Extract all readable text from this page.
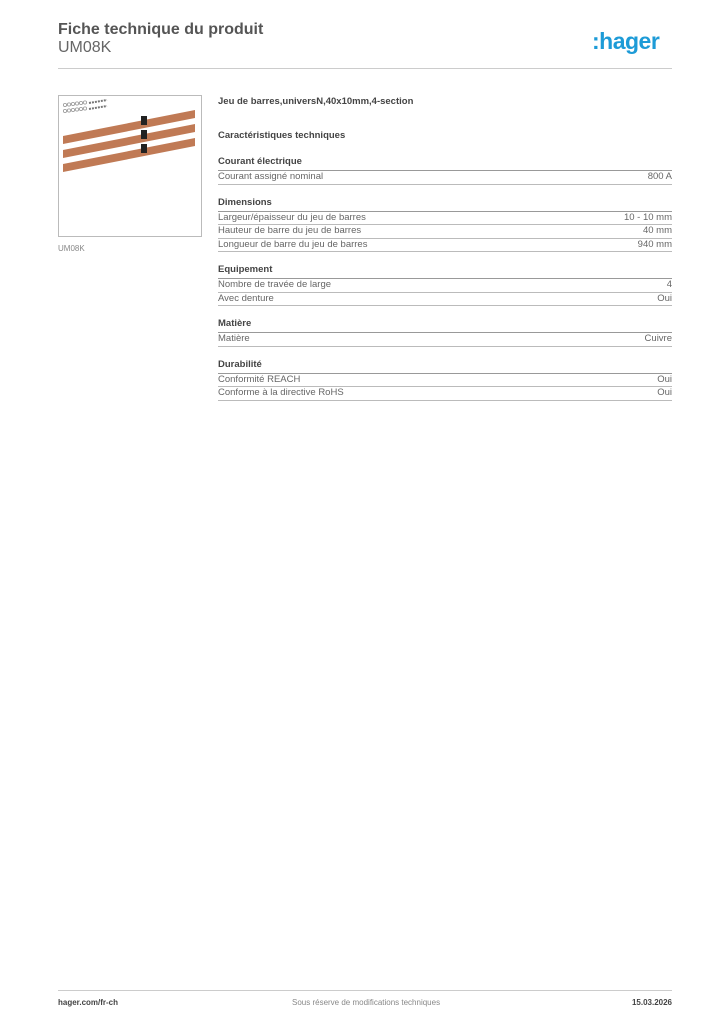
Fiche technique du produit
UM08K	:hager
UM08K
Jeu de barres,universN,40x10mm,4-section
Caractéristiques techniques
Courant électrique
Courant assigné nominal	800 A
Dimensions
Largeur/épaisseur du jeu de barres	10 - 10 mm
Hauteur de barre du jeu de barres	40 mm
Longueur de barre du jeu de barres	940 mm
Equipement
Nombre de travée de large	4
Avec denture	Oui
Matière
Matière	Cuivre
Durabilité
Conformité REACH	Oui
Conforme à la directive RoHS	Oui
hager.com/fr-ch	Sous réserve de modifications techniques	15.03.2026
